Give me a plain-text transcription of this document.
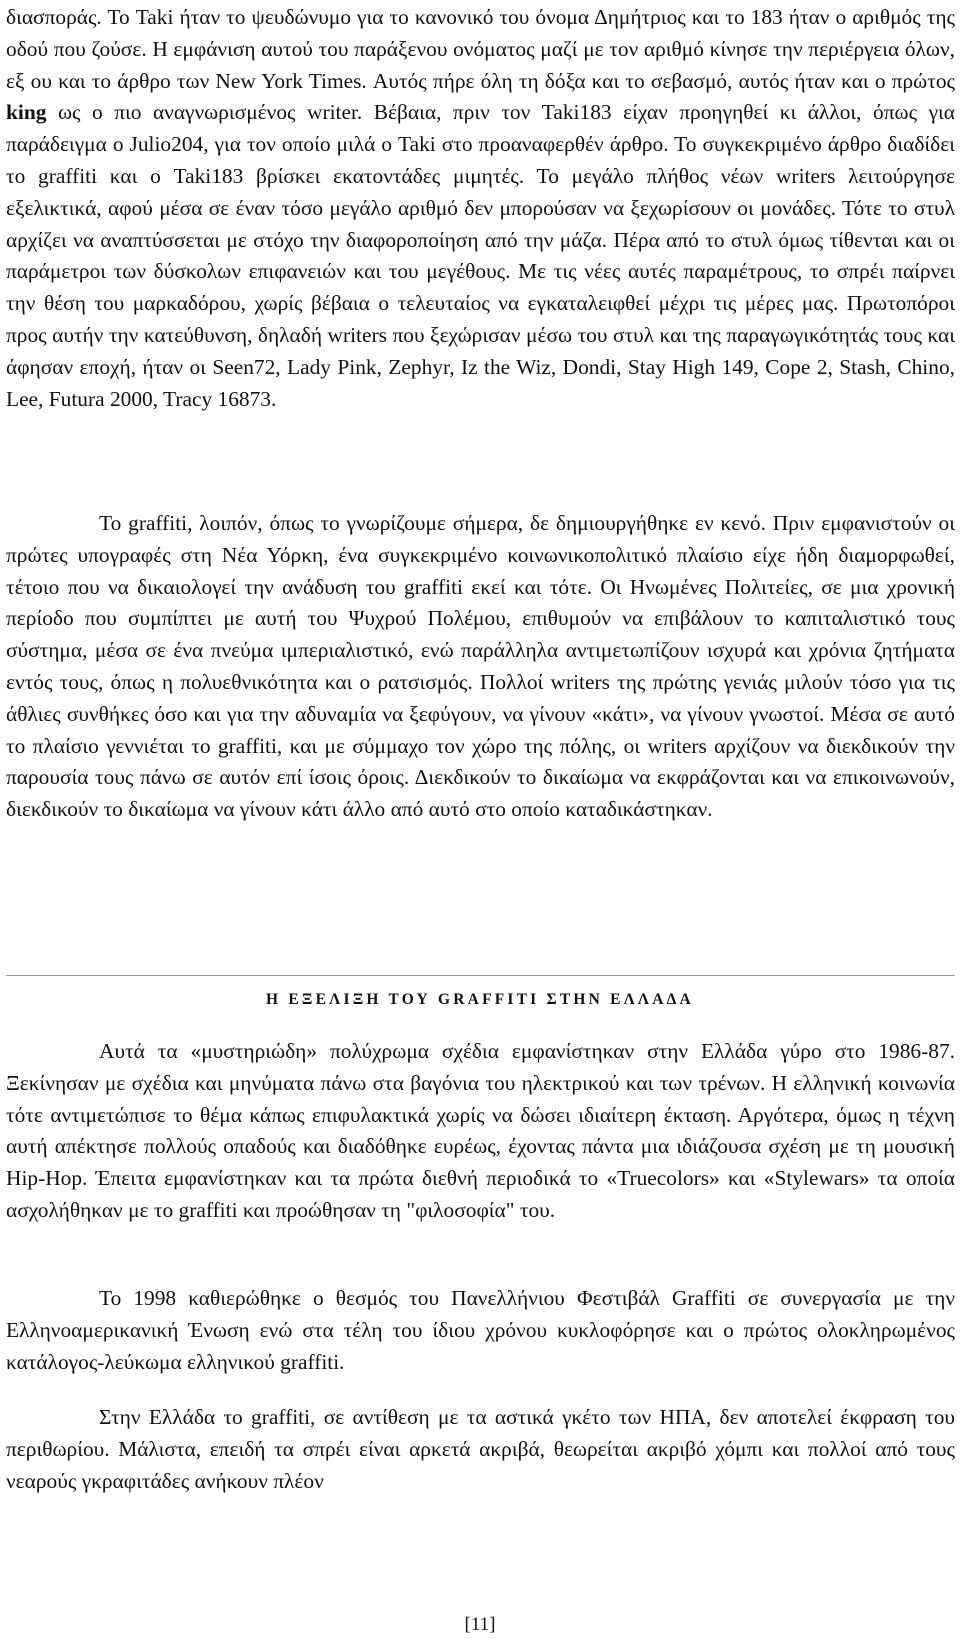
διασποράς. Το Taki ήταν το ψευδώνυμο για το κανονικό του όνομα Δημήτριος και το 183 ήταν ο αριθμός της οδού που ζούσε. Η εμφάνιση αυτού του παράξενου ονόματος μαζί με τον αριθμό κίνησε την περιέργεια όλων, εξ ου και το άρθρο των New York Times. Αυτός πήρε όλη τη δόξα και το σεβασμό, αυτός ήταν και ο πρώτος king ως ο πιο αναγνωρισμένος writer. Βέβαια, πριν τον Taki183 είχαν προηγηθεί κι άλλοι, όπως για παράδειγμα ο Julio204, για τον οποίο μιλά ο Taki στο προαναφερθέν άρθρο. Το συγκεκριμένο άρθρο διαδίδει το graffiti και ο Taki183 βρίσκει εκατοντάδες μιμητές. Το μεγάλο πλήθος νέων writers λειτούργησε εξελικτικά, αφού μέσα σε έναν τόσο μεγάλο αριθμό δεν μπορούσαν να ξεχωρίσουν οι μονάδες. Τότε το στυλ αρχίζει να αναπτύσσεται με στόχο την διαφοροποίηση από την μάζα. Πέρα από το στυλ όμως τίθενται και οι παράμετροι των δύσκολων επιφανειών και του μεγέθους. Με τις νέες αυτές παραμέτρους, το σπρέι παίρνει την θέση του μαρκαδόρου, χωρίς βέβαια ο τελευταίος να εγκαταλειφθεί μέχρι τις μέρες μας. Πρωτοπόροι προς αυτήν την κατεύθυνση, δηλαδή writers που ξεχώρισαν μέσω του στυλ και της παραγωγικότητάς τους και άφησαν εποχή, ήταν οι Seen72, Lady Pink, Zephyr, Iz the Wiz, Dondi, Stay High 149, Cope 2, Stash, Chino, Lee, Futura 2000, Tracy 16873.

Το graffiti, λοιπόν, όπως το γνωρίζουμε σήμερα, δε δημιουργήθηκε εν κενό. Πριν εμφανιστούν οι πρώτες υπογραφές στη Νέα Υόρκη, ένα συγκεκριμένο κοινωνικοπολιτικό πλαίσιο είχε ήδη διαμορφωθεί, τέτοιο που να δικαιολογεί την ανάδυση του graffiti εκεί και τότε. Οι Ηνωμένες Πολιτείες, σε μια χρονική περίοδο που συμπίπτει με αυτή του Ψυχρού Πολέμου, επιθυμούν να επιβάλουν το καπιταλιστικό τους σύστημα, μέσα σε ένα πνεύμα ιμπεριαλιστικό, ενώ παράλληλα αντιμετωπίζουν ισχυρά και χρόνια ζητήματα εντός τους, όπως η πολυεθνικότητα και ο ρατσισμός. Πολλοί writers της πρώτης γενιάς μιλούν τόσο για τις άθλιες συνθήκες όσο και για την αδυναμία να ξεφύγουν, να γίνουν «κάτι», να γίνουν γνωστοί. Μέσα σε αυτό το πλαίσιο γεννιέται το graffiti, και με σύμμαχο τον χώρο της πόλης, οι writers αρχίζουν να διεκδικούν την παρουσία τους πάνω σε αυτόν επί ίσοις όροις. Διεκδικούν το δικαίωμα να εκφράζονται και να επικοινωνούν, διεκδικούν το δικαίωμα να γίνουν κάτι άλλο από αυτό στο οποίο καταδικάστηκαν.

Η ΕΞΕΛΙΞΗ ΤΟΥ GRAFFITI ΣΤΗΝ ΕΛΛΑΔΑ

Αυτά τα «μυστηριώδη» πολύχρωμα σχέδια εμφανίστηκαν στην Ελλάδα γύρο στο 1986-87. Ξεκίνησαν με σχέδια και μηνύματα πάνω στα βαγόνια του ηλεκτρικού και των τρένων. Η ελληνική κοινωνία τότε αντιμετώπισε το θέμα κάπως επιφυλακτικά χωρίς να δώσει ιδιαίτερη έκταση. Αργότερα, όμως η τέχνη αυτή απέκτησε πολλούς οπαδούς και διαδόθηκε ευρέως, έχοντας πάντα μια ιδιάζουσα σχέση με τη μουσική Hip-Hop. Έπειτα εμφανίστηκαν και τα πρώτα διεθνή περιοδικά το «Truecolors» και «Stylewars» τα οποία ασχολήθηκαν με το graffiti και προώθησαν τη "φιλοσοφία" του.

Το 1998 καθιερώθηκε ο θεσμός του Πανελλήνιου Φεστιβάλ Graffiti σε συνεργασία με την Ελληνοαμερικανική Ένωση ενώ στα τέλη του ίδιου χρόνου κυκλοφόρησε και ο πρώτος ολοκληρωμένος κατάλογος-λεύκωμα ελληνικού graffiti.

Στην Ελλάδα το graffiti, σε αντίθεση με τα αστικά γκέτο των ΗΠΑ, δεν αποτελεί έκφραση του περιθωρίου. Μάλιστα, επειδή τα σπρέι είναι αρκετά ακριβά, θεωρείται ακριβό χόμπι και πολλοί από τους νεαρούς γκραφιτάδες ανήκουν πλέον

[11]
